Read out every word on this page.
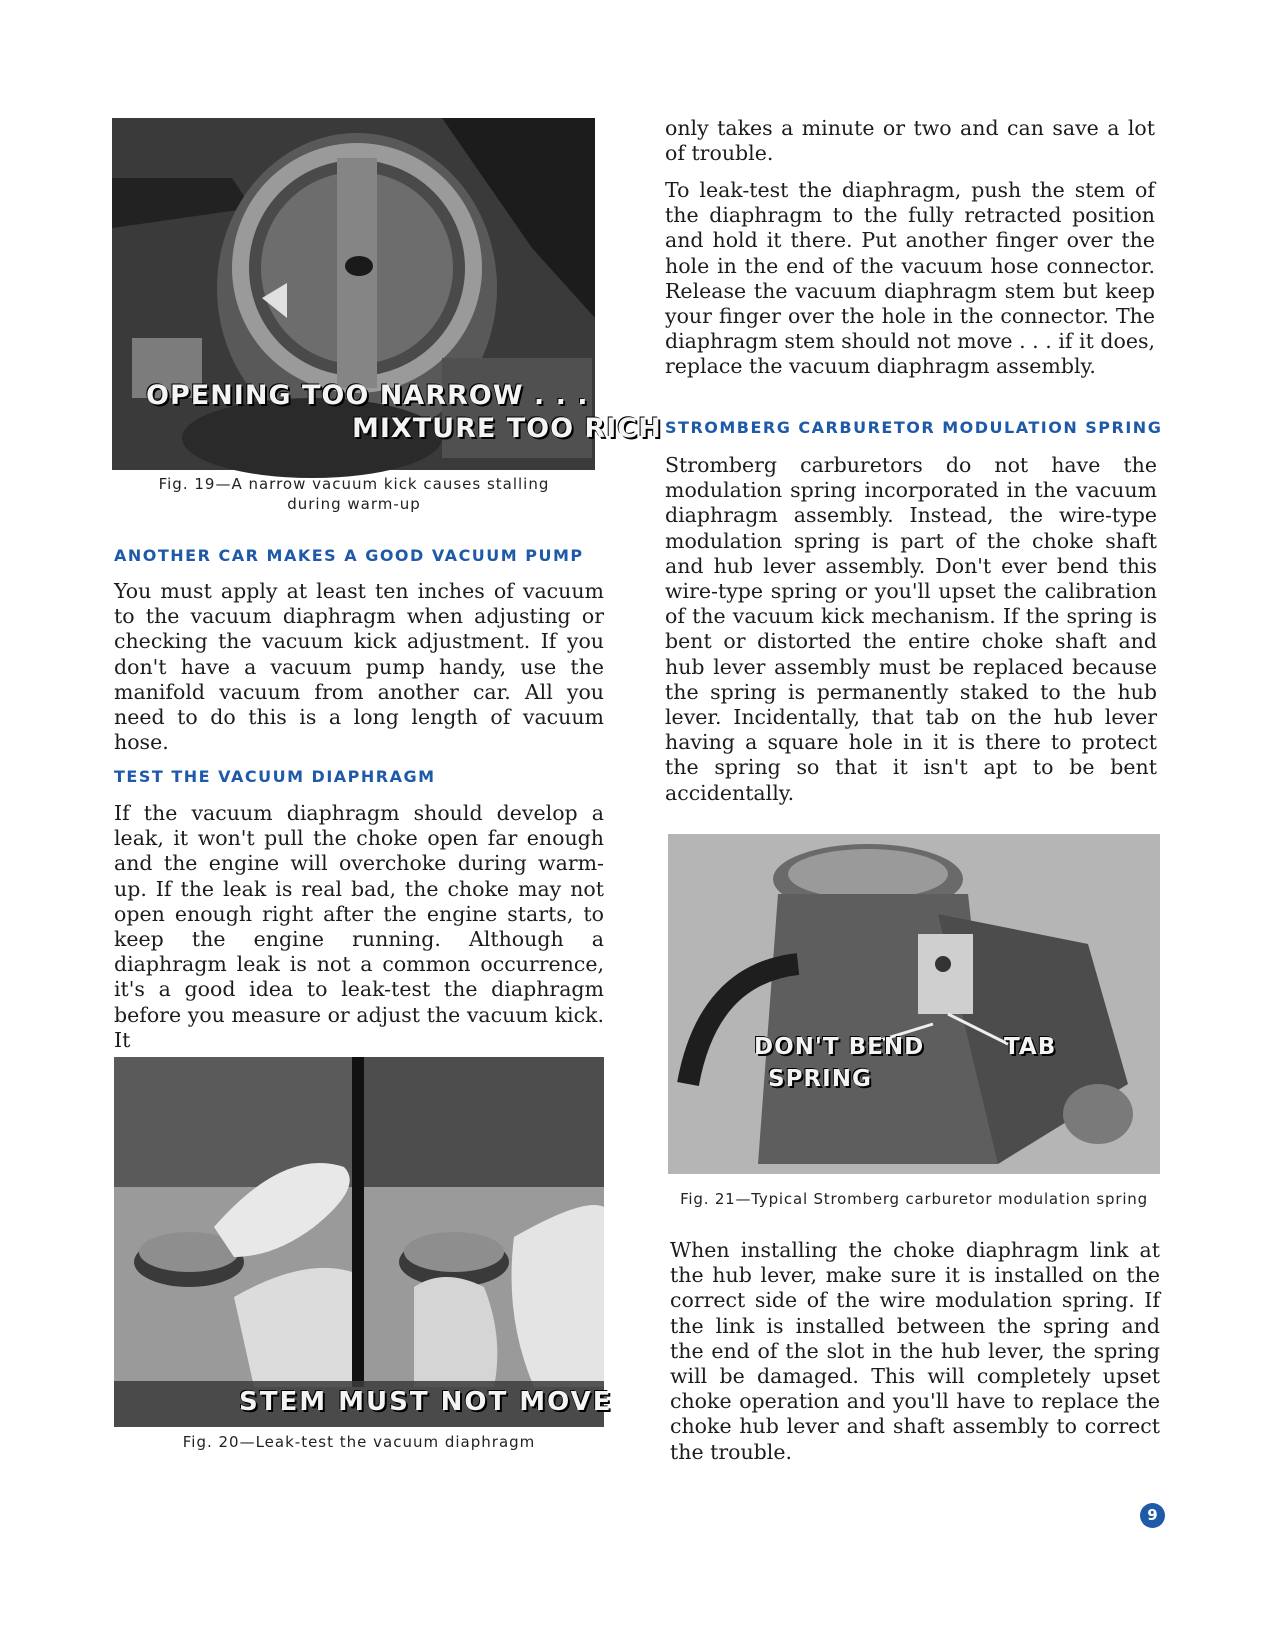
OPENING TOO NARROW . . .
MIXTURE TOO RICH
Fig. 19—A narrow vacuum kick causes stalling
during warm-up
ANOTHER CAR MAKES A GOOD VACUUM PUMP

You must apply at least ten inches of vacuum to the vacuum diaphragm when adjusting or checking the vacuum kick adjustment. If you don't have a vacuum pump handy, use the manifold vacuum from another car. All you need to do this is a long length of vacuum hose.

TEST THE VACUUM DIAPHRAGM

If the vacuum diaphragm should develop a leak, it won't pull the choke open far enough and the engine will overchoke during warm-up. If the leak is real bad, the choke may not open enough right after the engine starts, to keep the engine running. Although a diaphragm leak is not a common occurrence, it's a good idea to leak-test the diaphragm before you measure or adjust the vacuum kick. It

STEM MUST NOT MOVE
Fig. 20—Leak-test the vacuum diaphragm

only takes a minute or two and can save a lot of trouble.

To leak-test the diaphragm, push the stem of the diaphragm to the fully retracted position and hold it there. Put another finger over the hole in the end of the vacuum hose connector. Release the vacuum diaphragm stem but keep your finger over the hole in the connector. The diaphragm stem should not move . . . if it does, replace the vacuum diaphragm assembly.

STROMBERG CARBURETOR MODULATION SPRING

Stromberg carburetors do not have the modulation spring incorporated in the vacuum diaphragm assembly. Instead, the wire-type modulation spring is part of the choke shaft and hub lever assembly. Don't ever bend this wire-type spring or you'll upset the calibration of the vacuum kick mechanism. If the spring is bent or distorted the entire choke shaft and hub lever assembly must be replaced because the spring is permanently staked to the hub lever. Incidentally, that tab on the hub lever having a square hole in it is there to protect the spring so that it isn't apt to be bent accidentally.

DON'T BEND
SPRING
TAB
Fig. 21—Typical Stromberg carburetor modulation spring

When installing the choke diaphragm link at the hub lever, make sure it is installed on the correct side of the wire modulation spring. If the link is installed between the spring and the end of the slot in the hub lever, the spring will be damaged. This will completely upset choke operation and you'll have to replace the choke hub lever and shaft assembly to correct the trouble.

9
